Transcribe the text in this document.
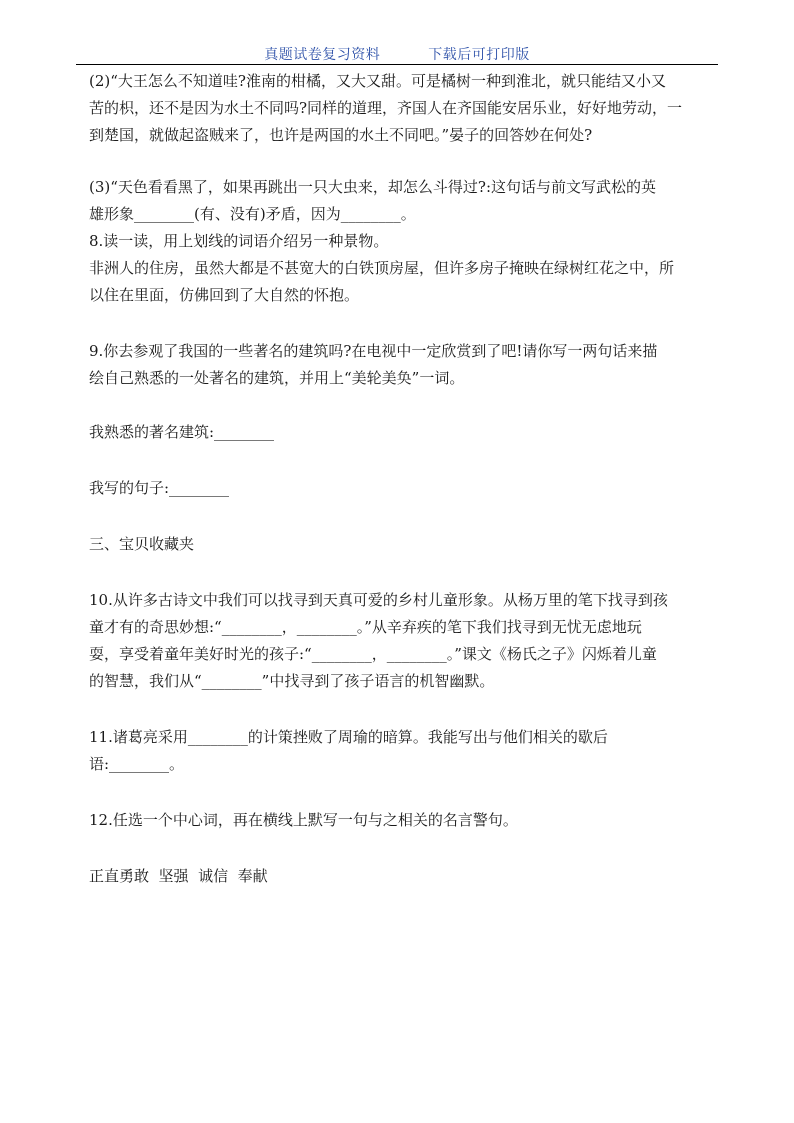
真题试卷复习资料	下载后可打印版

(2)“大王怎么不知道哇?淮南的柑橘，又大又甜。可是橘树一种到淮北，就只能结又小又

苦的枳，还不是因为水土不同吗?同样的道理，齐国人在齐国能安居乐业，好好地劳动，一

到楚国，就做起盗贼来了，也许是两国的水土不同吧。”晏子的回答妙在何处?

(3)“天色看看黑了，如果再跳出一只大虫来，却怎么斗得过?:这句话与前文写武松的英

雄形象________(有、没有)矛盾，因为________。

8.读一读，用上划线的词语介绍另一种景物。

非洲人的住房，虽然大都是不甚宽大的白铁顶房屋，但许多房子掩映在绿树红花之中，所

以住在里面，仿佛回到了大自然的怀抱。

9.你去参观了我国的一些著名的建筑吗?在电视中一定欣赏到了吧!请你写一两句话来描

绘自己熟悉的一处著名的建筑，并用上“美轮美奂”一词。

我熟悉的著名建筑:________

我写的句子:________

三、宝贝收藏夹

10.从许多古诗文中我们可以找寻到天真可爱的乡村儿童形象。从杨万里的笔下找寻到孩

童才有的奇思妙想:“________，________。”从辛弃疾的笔下我们找寻到无忧无虑地玩

耍，享受着童年美好时光的孩子:“________，________。”课文《杨氏之子》闪烁着儿童

的智慧，我们从“________”中找寻到了孩子语言的机智幽默。

11.诸葛亮采用________的计策挫败了周瑜的暗算。我能写出与他们相关的歇后

语:________。

12.任选一个中心词，再在横线上默写一句与之相关的名言警句。

正直勇敢  坚强  诚信  奉献
